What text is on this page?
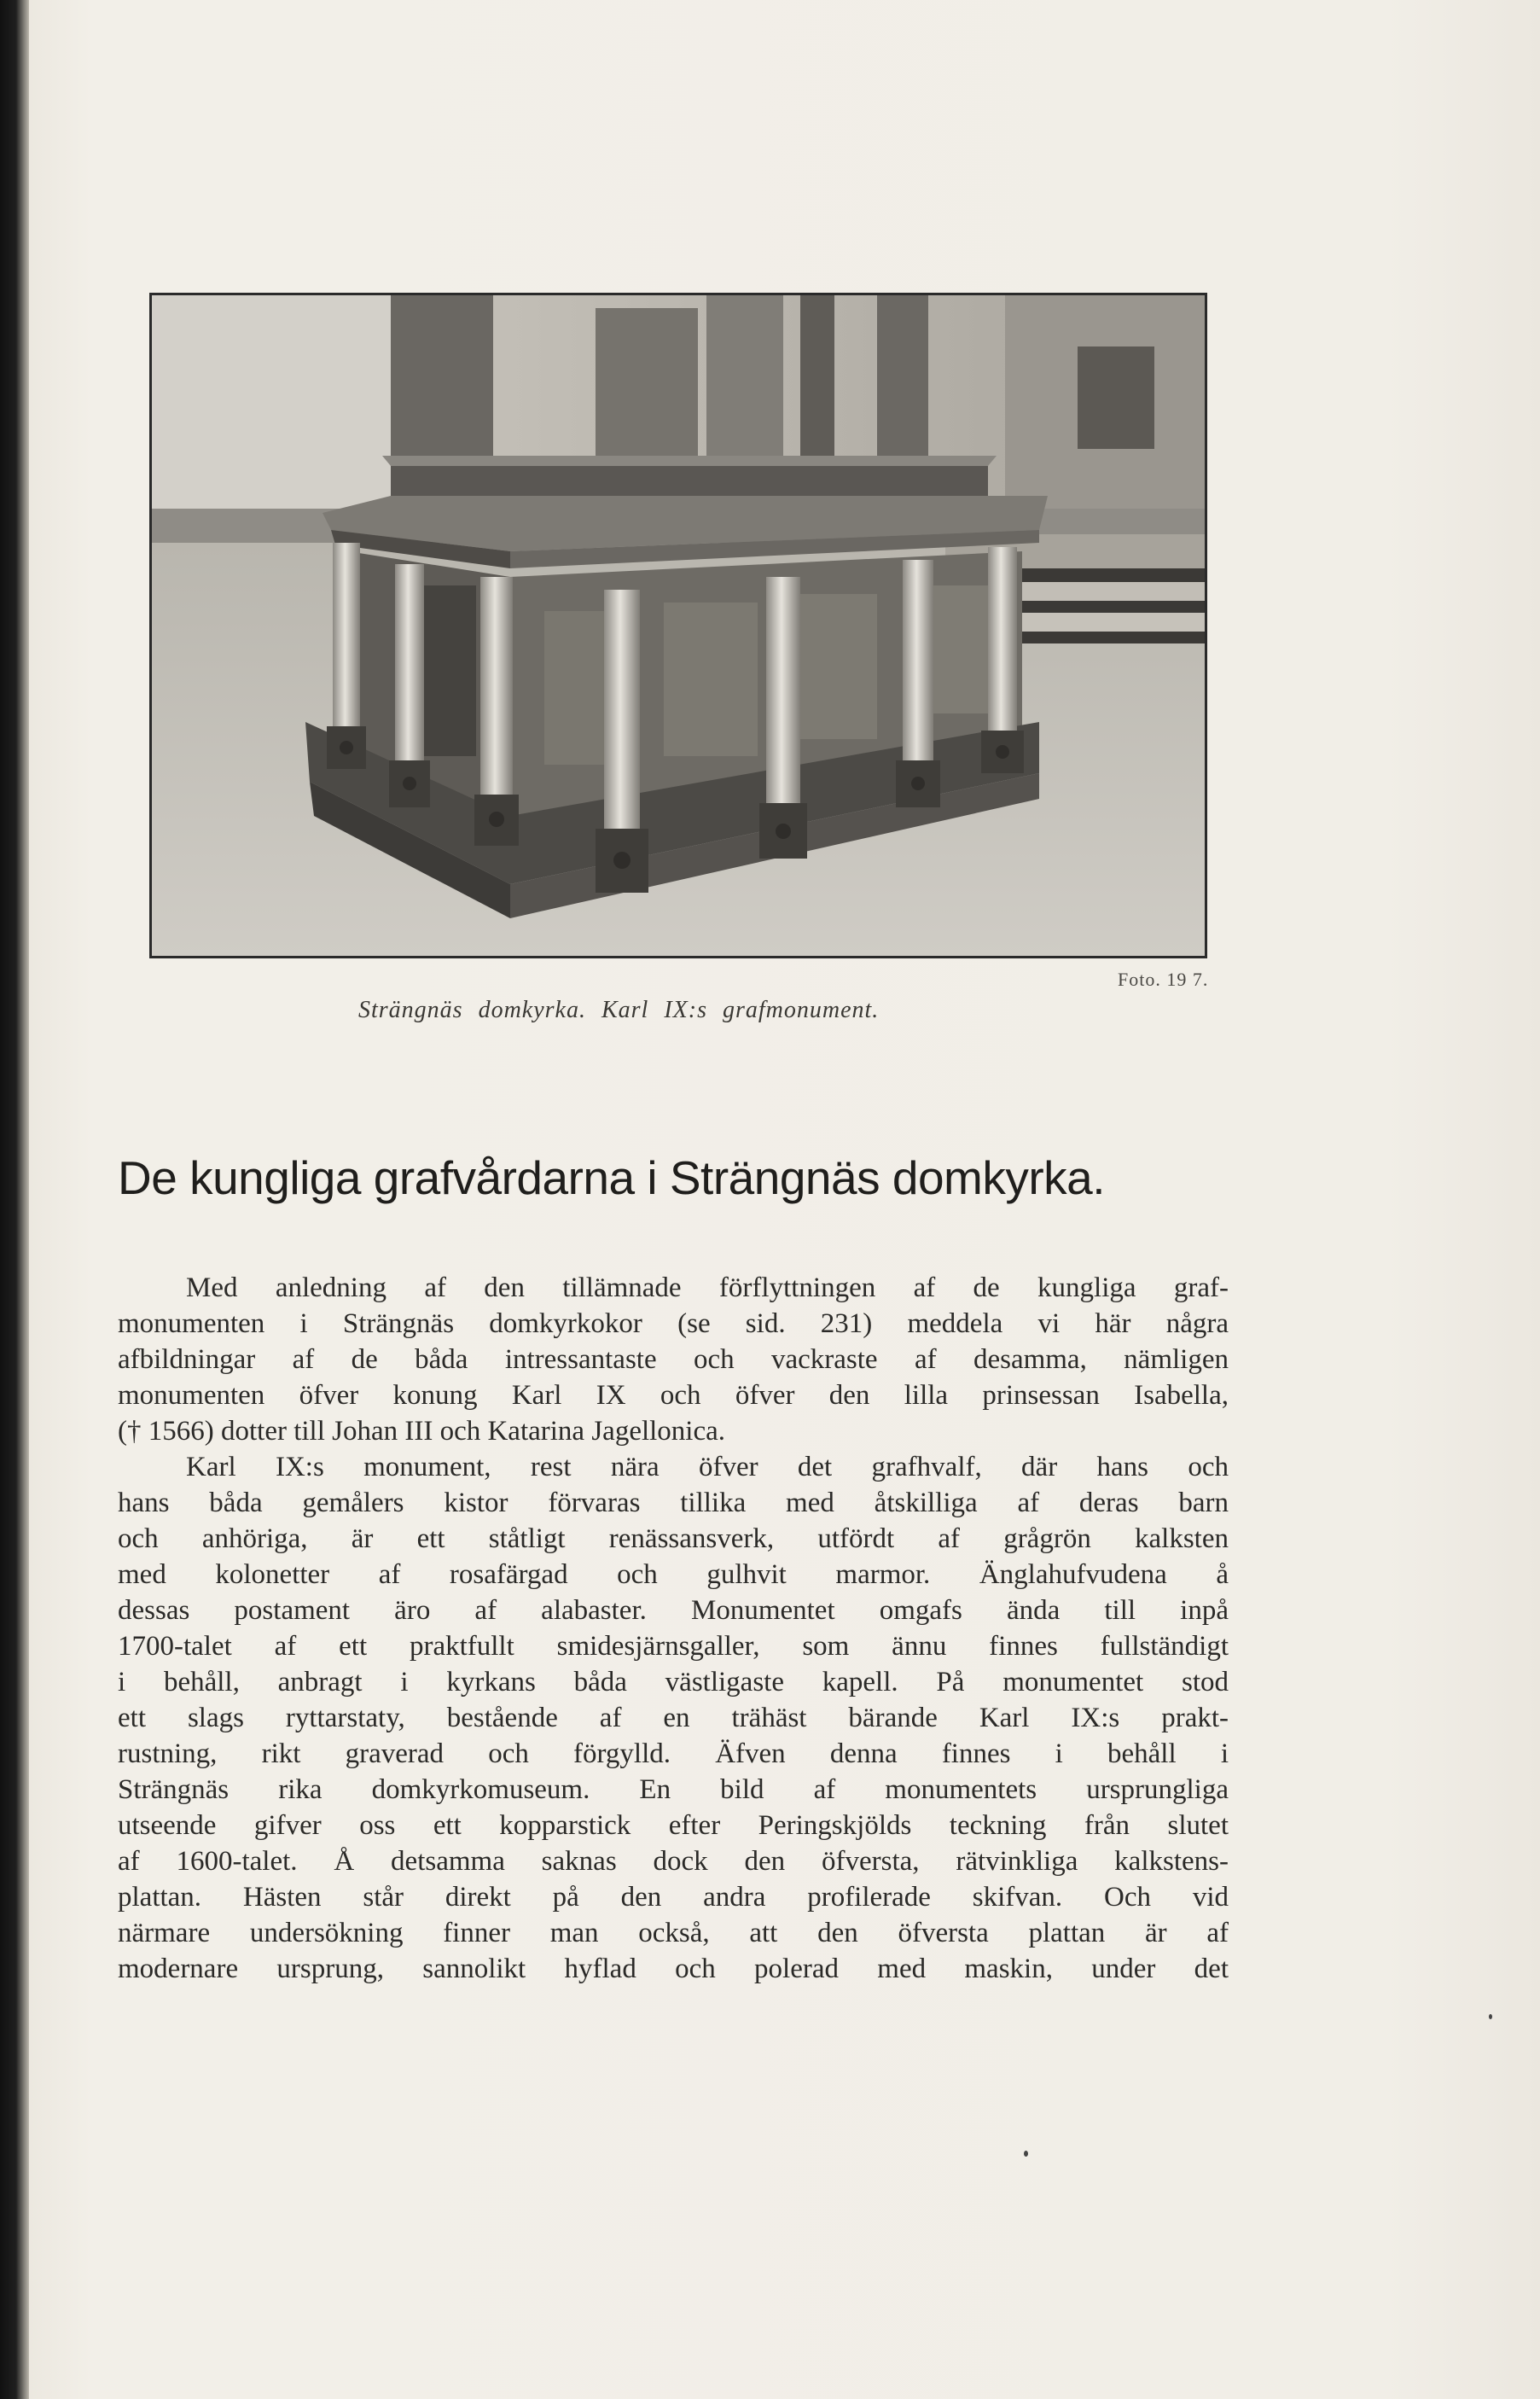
Foto. 19 7.
Strängnäs domkyrka. Karl IX:s grafmonument.
De kungliga grafvårdarna i Strängnäs domkyrka.
Med anledning af den tillämnade förflyttningen af de kungliga graf-
monumenten i Strängnäs domkyrkokor (se sid. 231) meddela vi här några
afbildningar af de båda intressantaste och vackraste af desamma, nämligen
monumenten öfver konung Karl IX och öfver den lilla prinsessan Isabella,
(† 1566) dotter till Johan III och Katarina Jagellonica.
Karl IX:s monument, rest nära öfver det grafhvalf, där hans och
hans båda gemålers kistor förvaras tillika med åtskilliga af deras barn
och anhöriga, är ett ståtligt renässansverk, utfördt af grågrön kalksten
med kolonetter af rosafärgad och gulhvit marmor. Änglahufvudena å
dessas postament äro af alabaster. Monumentet omgafs ända till inpå
1700-talet af ett praktfullt smidesjärnsgaller, som ännu finnes fullständigt
i behåll, anbragt i kyrkans båda västligaste kapell. På monumentet stod
ett slags ryttarstaty, bestående af en trähäst bärande Karl IX:s prakt-
rustning, rikt graverad och förgylld. Äfven denna finnes i behåll i
Strängnäs rika domkyrkomuseum. En bild af monumentets ursprungliga
utseende gifver oss ett kopparstick efter Peringskjölds teckning från slutet
af 1600-talet. Å detsamma saknas dock den öfversta, rätvinkliga kalkstens-
plattan. Hästen står direkt på den andra profilerade skifvan. Och vid
närmare undersökning finner man också, att den öfversta plattan är af
modernare ursprung, sannolikt hyflad och polerad med maskin, under det
